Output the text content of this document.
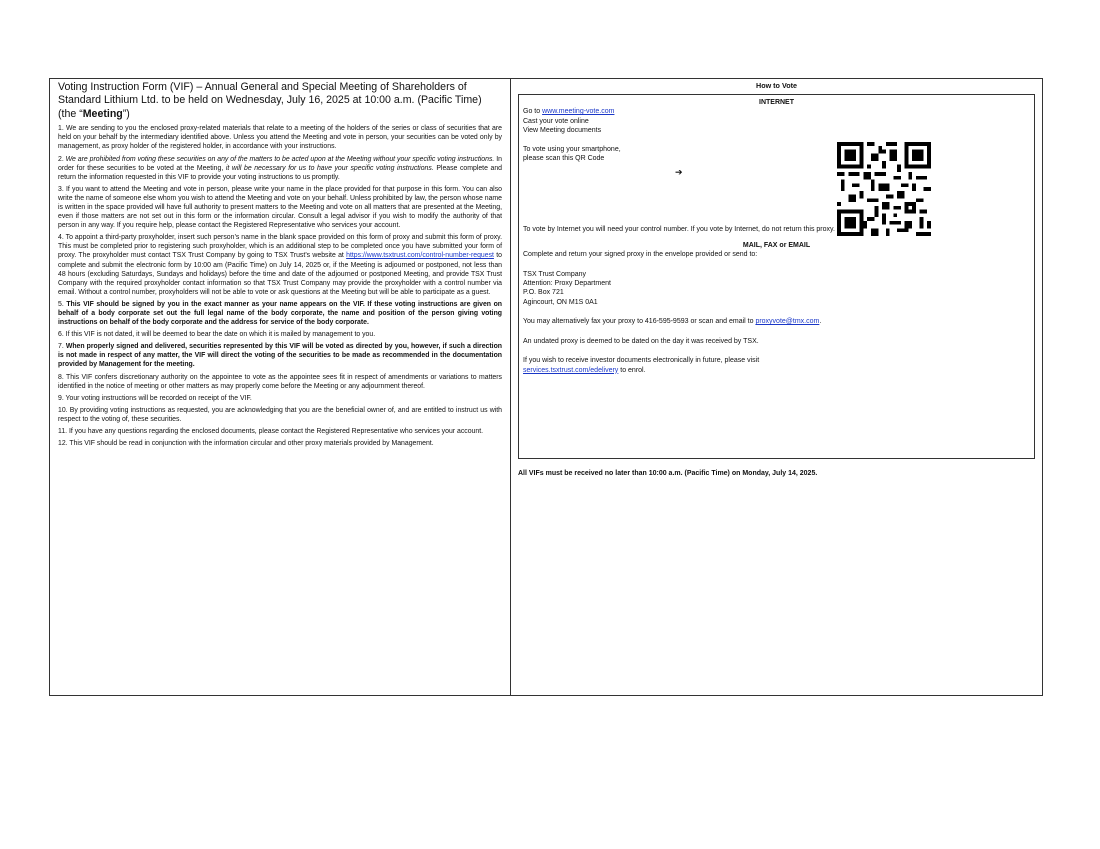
Voting Instruction Form (VIF) – Annual General and Special Meeting of Shareholders of Standard Lithium Ltd. to be held on Wednesday, July 16, 2025 at 10:00 a.m. (Pacific Time) (the “Meeting”)

1. We are sending to you the enclosed proxy-related materials that relate to a meeting of the holders of the series or class of securities that are held on your behalf by the intermediary identified above. Unless you attend the Meeting and vote in person, your securities can be voted only by management, as proxy holder of the registered holder, in accordance with your instructions.

2. We are prohibited from voting these securities on any of the matters to be acted upon at the Meeting without your specific voting instructions. In order for these securities to be voted at the Meeting, it will be necessary for us to have your specific voting instructions. Please complete and return the information requested in this VIF to provide your voting instructions to us promptly.

3. If you want to attend the Meeting and vote in person, please write your name in the place provided for that purpose in this form. You can also write the name of someone else whom you wish to attend the Meeting and vote on your behalf. Unless prohibited by law, the person whose name is written in the space provided will have full authority to present matters to the Meeting and vote on all matters that are presented at the Meeting, even if those matters are not set out in this form or the information circular. Consult a legal advisor if you wish to modify the authority of that person in any way. If you require help, please contact the Registered Representative who services your account.

4. To appoint a third-party proxyholder, insert such person’s name in the blank space provided on this form of proxy and submit this form of proxy. This must be completed prior to registering such proxyholder, which is an additional step to be completed once you have submitted your form of proxy. The proxyholder must contact TSX Trust Company by going to TSX Trust’s website at https://www.tsxtrust.com/control-number-request to complete and submit the electronic form by 10:00 am (Pacific Time) on July 14, 2025 or, if the Meeting is adjourned or postponed, not less than 48 hours (excluding Saturdays, Sundays and holidays) before the time and date of the adjourned or postponed Meeting, and provide TSX Trust Company with the required proxyholder contact information so that TSX Trust Company may provide the proxyholder with a control number via email. Without a control number, proxyholders will not be able to vote or ask questions at the Meeting but will be able to participate as a guest.

5. This VIF should be signed by you in the exact manner as your name appears on the VIF. If these voting instructions are given on behalf of a body corporate set out the full legal name of the body corporate, the name and position of the person giving voting instructions on behalf of the body corporate and the address for service of the body corporate.

6. If this VIF is not dated, it will be deemed to bear the date on which it is mailed by management to you.

7. When properly signed and delivered, securities represented by this VIF will be voted as directed by you, however, if such a direction is not made in respect of any matter, the VIF will direct the voting of the securities to be made as recommended in the documentation provided by Management for the meeting.

8. This VIF confers discretionary authority on the appointee to vote as the appointee sees fit in respect of amendments or variations to matters identified in the notice of meeting or other matters as may properly come before the Meeting or any adjournment thereof.

9. Your voting instructions will be recorded on receipt of the VIF.

10. By providing voting instructions as requested, you are acknowledging that you are the beneficial owner of, and are entitled to instruct us with respect to the voting of, these securities.

11. If you have any questions regarding the enclosed documents, please contact the Registered Representative who services your account.

12. This VIF should be read in conjunction with the information circular and other proxy materials provided by Management.

How to Vote

INTERNET

Go to www.meeting-vote.com

Cast your vote online

View Meeting documents

To vote using your smartphone,

please scan this QR Code

➔

To vote by Internet you will need your control number. If you vote by Internet, do not return this proxy.

MAIL, FAX or EMAIL

Complete and return your signed proxy in the envelope provided or send to:

TSX Trust Company

Attention: Proxy Department

P.O. Box 721

Agincourt, ON M1S 0A1

You may alternatively fax your proxy to 416-595-9593 or scan and email to proxyvote@tmx.com.

An undated proxy is deemed to be dated on the day it was received by TSX.

If you wish to receive investor documents electronically in future, please visit

services.tsxtrust.com/edelivery to enrol.

All VIFs must be received no later than 10:00 a.m. (Pacific Time) on Monday, July 14, 2025.
